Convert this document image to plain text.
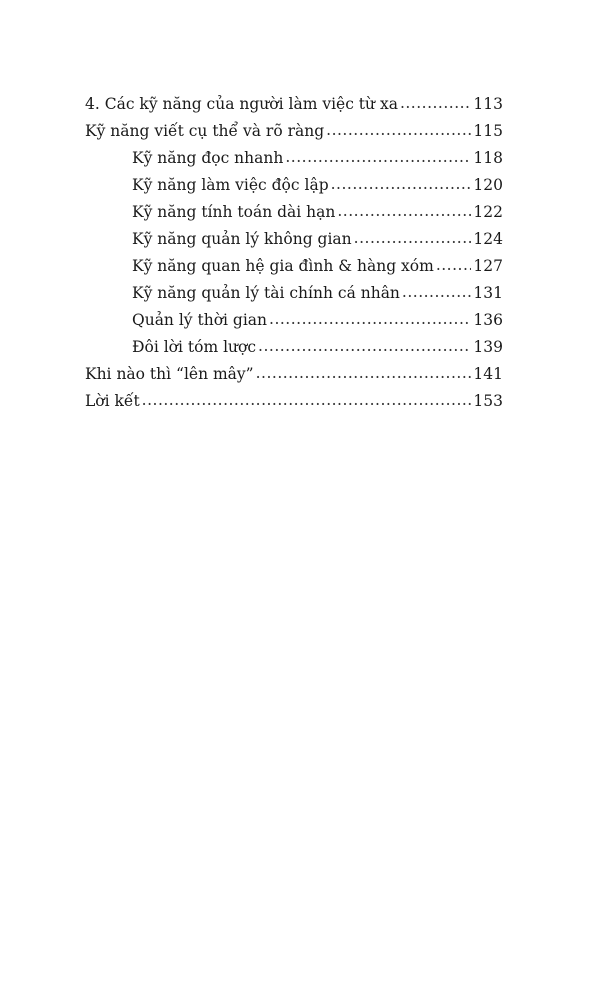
4. Các kỹ năng của người làm việc từ xa .....	113
Kỹ năng viết cụ thể và rõ ràng .....	115
Kỹ năng đọc nhanh .....	118
Kỹ năng làm việc độc lập .....	120
Kỹ năng tính toán dài hạn .....	122
Kỹ năng quản lý không gian .....	124
Kỹ năng quan hệ gia đình & hàng xóm .....	127
Kỹ năng quản lý tài chính cá nhân .....	131
Quản lý thời gian .....	136
Đôi lời tóm lược .....	139
Khi nào thì “lên mây” .....	141
Lời kết .....	153
